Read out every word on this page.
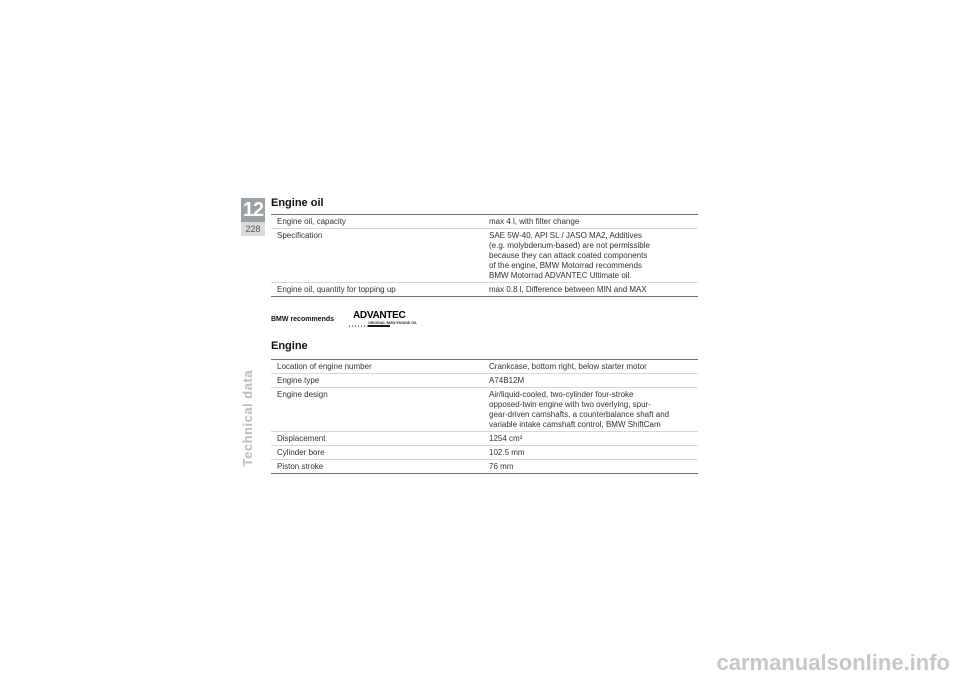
12
228
Technical data
Engine oil
Engine oil, capacity	max 4 l, with filter change

Specification	SAE 5W-40, API SL / JASO MA2, Additives
(e.g. molybdenum-based) are not permissible
because they can attack coated components
of the engine, BMW Motorrad recommends
BMW Motorrad ADVANTEC Ultimate oil.

Engine oil, quantity for topping up	max 0.8 l, Difference between MIN and MAX
BMW recommends ADVANTEC
ORIGINAL BMW ENGINE OIL
Engine
Location of engine number	Crankcase, bottom right, below starter motor

Engine type	A74B12M

Engine design	Air/liquid-cooled, two-cylinder four-stroke
opposed-twin engine with two overlying, spur-
gear-driven camshafts, a counterbalance shaft and
variable intake camshaft control, BMW ShiftCam

Displacement	1254 cm³

Cylinder bore	102.5 mm

Piston stroke	76 mm
carmanualsonline.info
